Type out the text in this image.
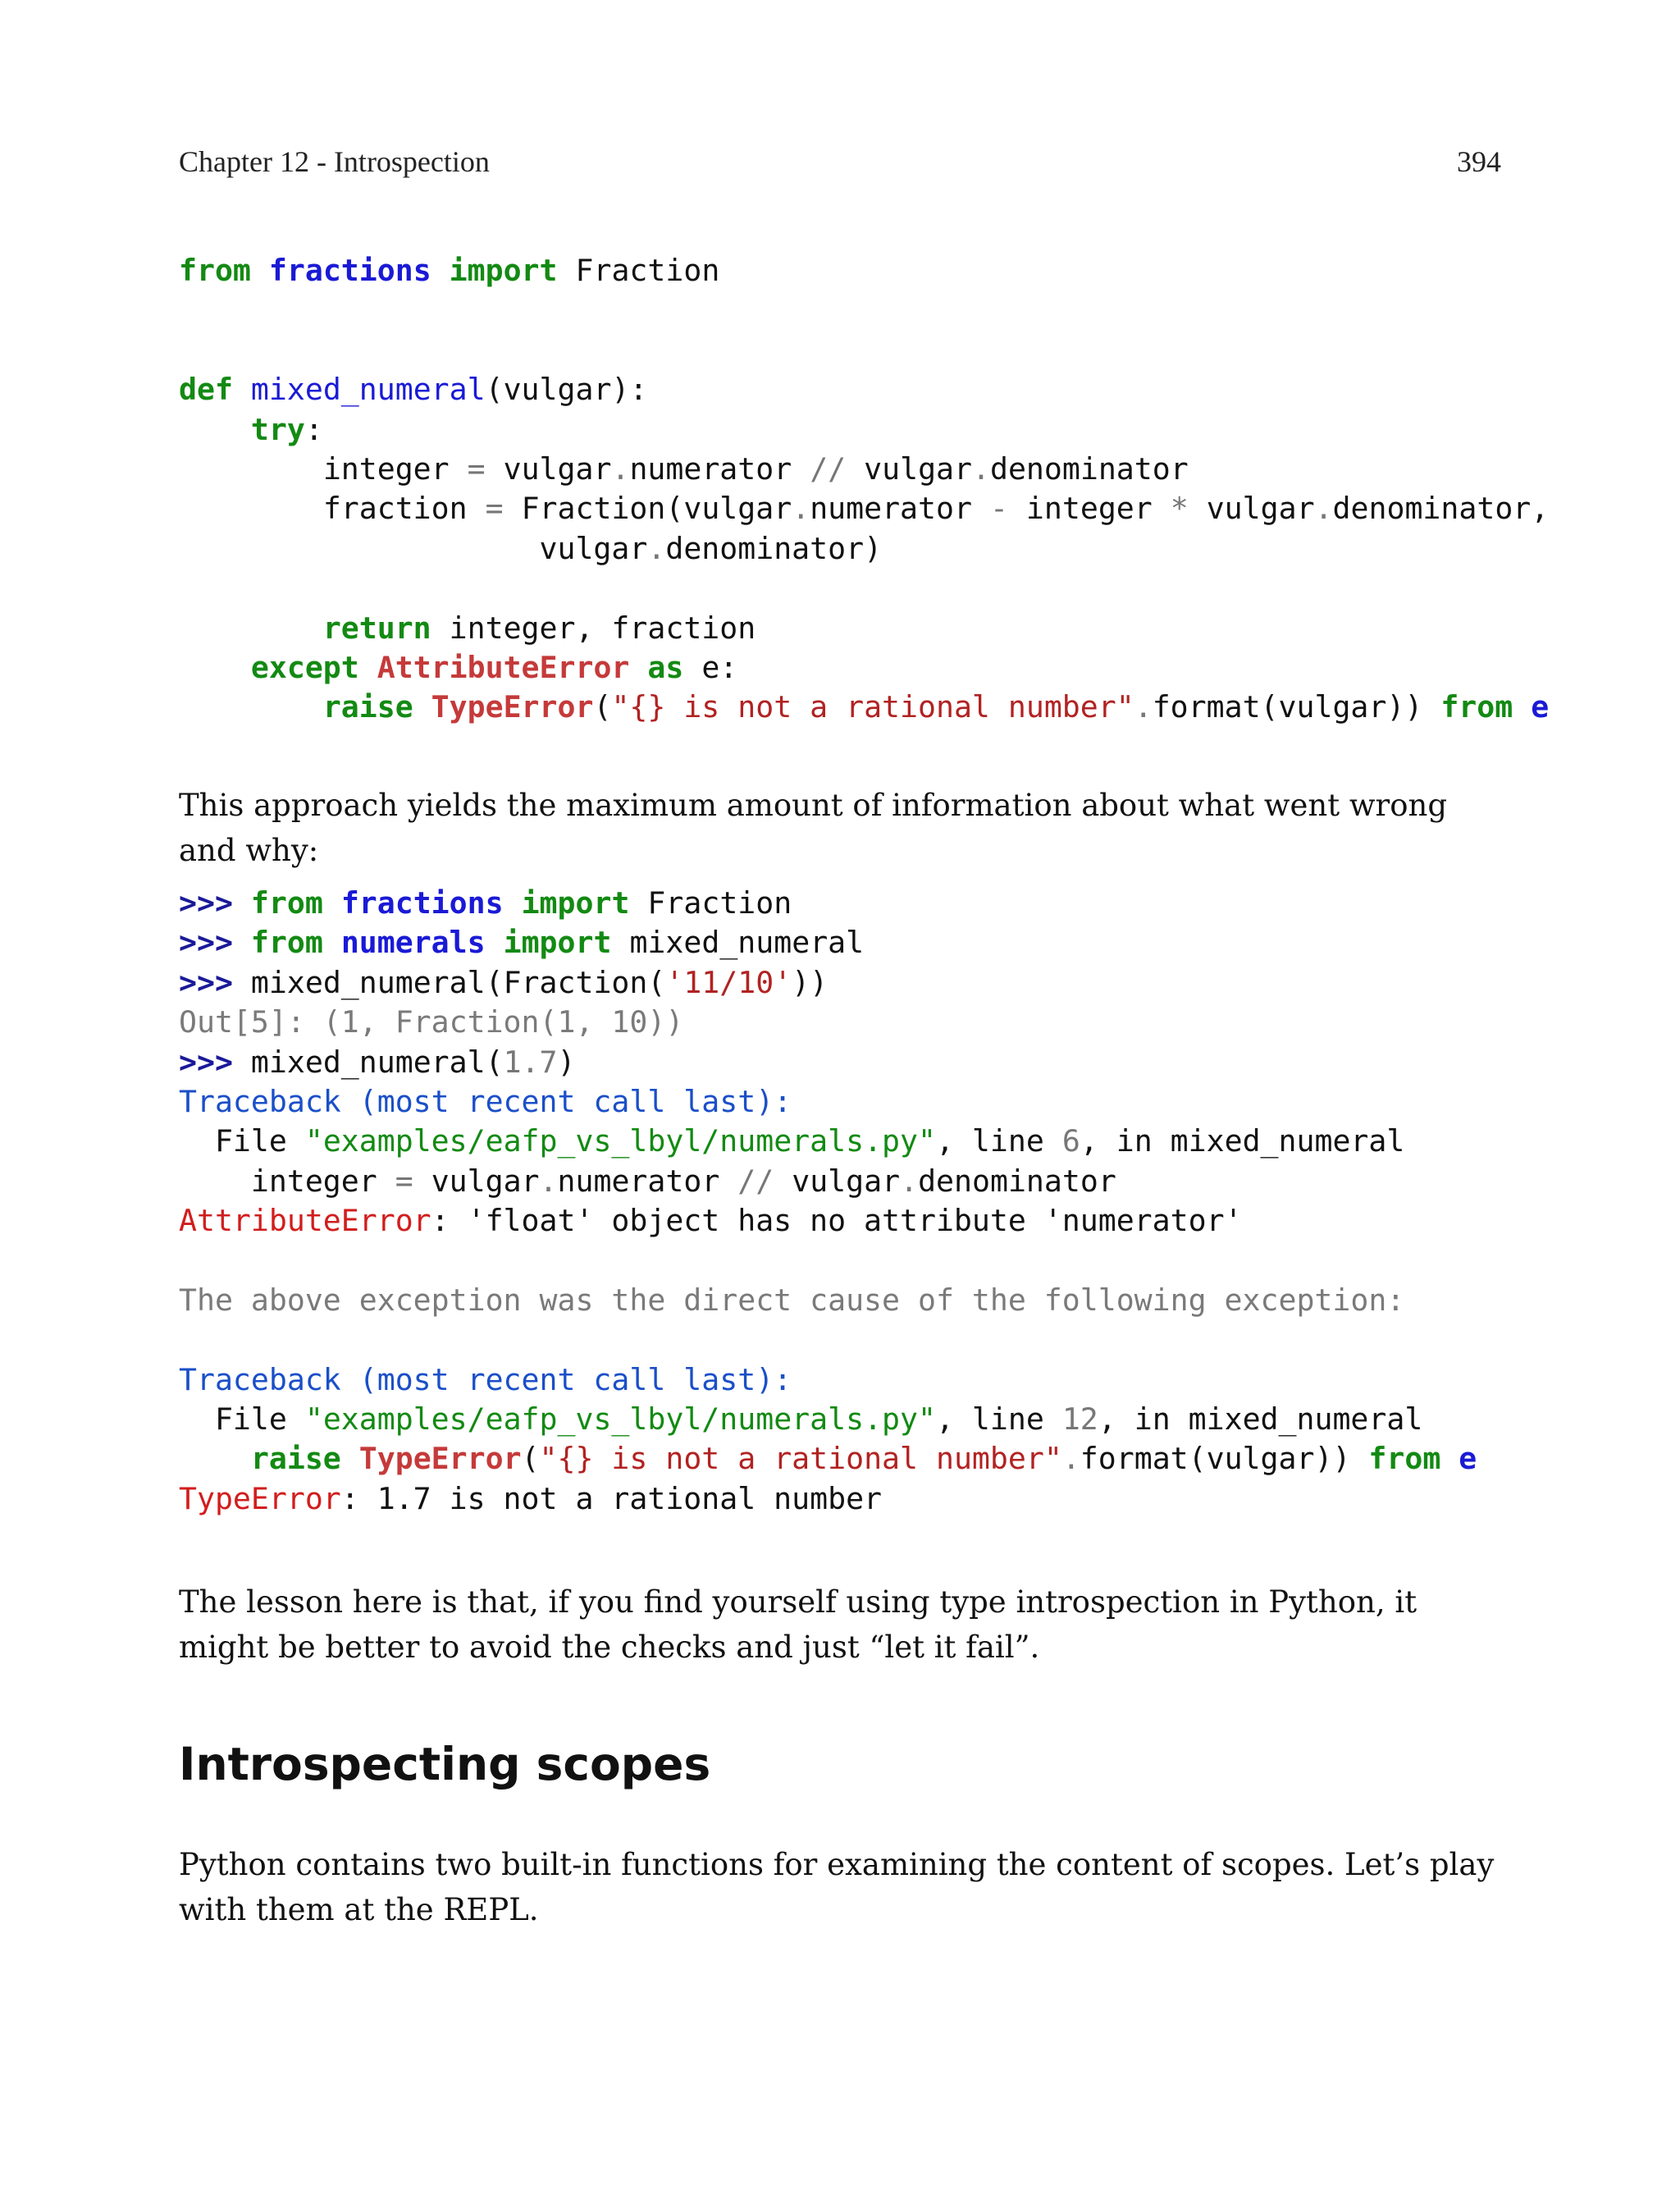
Chapter 12 - Introspection	394
from fractions import Fraction

def mixed_numeral(vulgar):
try:
integer = vulgar.numerator // vulgar.denominator
fraction = Fraction(vulgar.numerator - integer * vulgar.denominator,
vulgar.denominator)

return integer, fraction
except AttributeError as e:
raise TypeError("{} is not a rational number".format(vulgar)) from e

This approach yields the maximum amount of information about what went wrong and why:

>>> from fractions import Fraction
>>> from numerals import mixed_numeral
>>> mixed_numeral(Fraction('11/10'))
Out[5]: (1, Fraction(1, 10))
>>> mixed_numeral(1.7)
Traceback (most recent call last):
File "examples/eafp_vs_lbyl/numerals.py", line 6, in mixed_numeral
integer = vulgar.numerator // vulgar.denominator
AttributeError: 'float' object has no attribute 'numerator'

The above exception was the direct cause of the following exception:

Traceback (most recent call last):
File "examples/eafp_vs_lbyl/numerals.py", line 12, in mixed_numeral
raise TypeError("{} is not a rational number".format(vulgar)) from e
TypeError: 1.7 is not a rational number

The lesson here is that, if you find yourself using type introspection in Python, it might be better to avoid the checks and just “let it fail”.

Introspecting scopes

Python contains two built-in functions for examining the content of scopes. Let’s play with them at the REPL.
